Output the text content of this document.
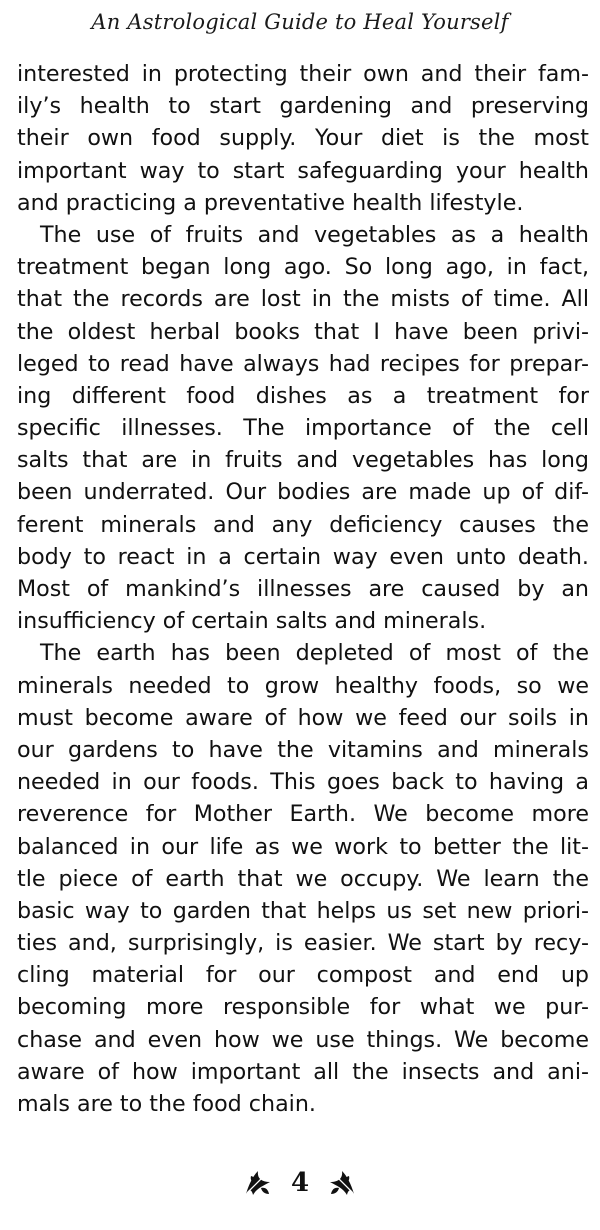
An Astrological Guide to Heal Yourself
interested in protecting their own and their fam-
ily’s health to start gardening and preserving
their own food supply. Your diet is the most
important way to start safeguarding your health
and practicing a preventative health lifestyle.
The use of fruits and vegetables as a health
treatment began long ago. So long ago, in fact,
that the records are lost in the mists of time. All
the oldest herbal books that I have been privi-
leged to read have always had recipes for prepar-
ing different food dishes as a treatment for
specific illnesses. The importance of the cell
salts that are in fruits and vegetables has long
been underrated. Our bodies are made up of dif-
ferent minerals and any deficiency causes the
body to react in a certain way even unto death.
Most of mankind’s illnesses are caused by an
insufficiency of certain salts and minerals.
The earth has been depleted of most of the
minerals needed to grow healthy foods, so we
must become aware of how we feed our soils in
our gardens to have the vitamins and minerals
needed in our foods. This goes back to having a
reverence for Mother Earth. We become more
balanced in our life as we work to better the lit-
tle piece of earth that we occupy. We learn the
basic way to garden that helps us set new priori-
ties and, surprisingly, is easier. We start by recy-
cling material for our compost and end up
becoming more responsible for what we pur-
chase and even how we use things. We become
aware of how important all the insects and ani-
mals are to the food chain.
4
